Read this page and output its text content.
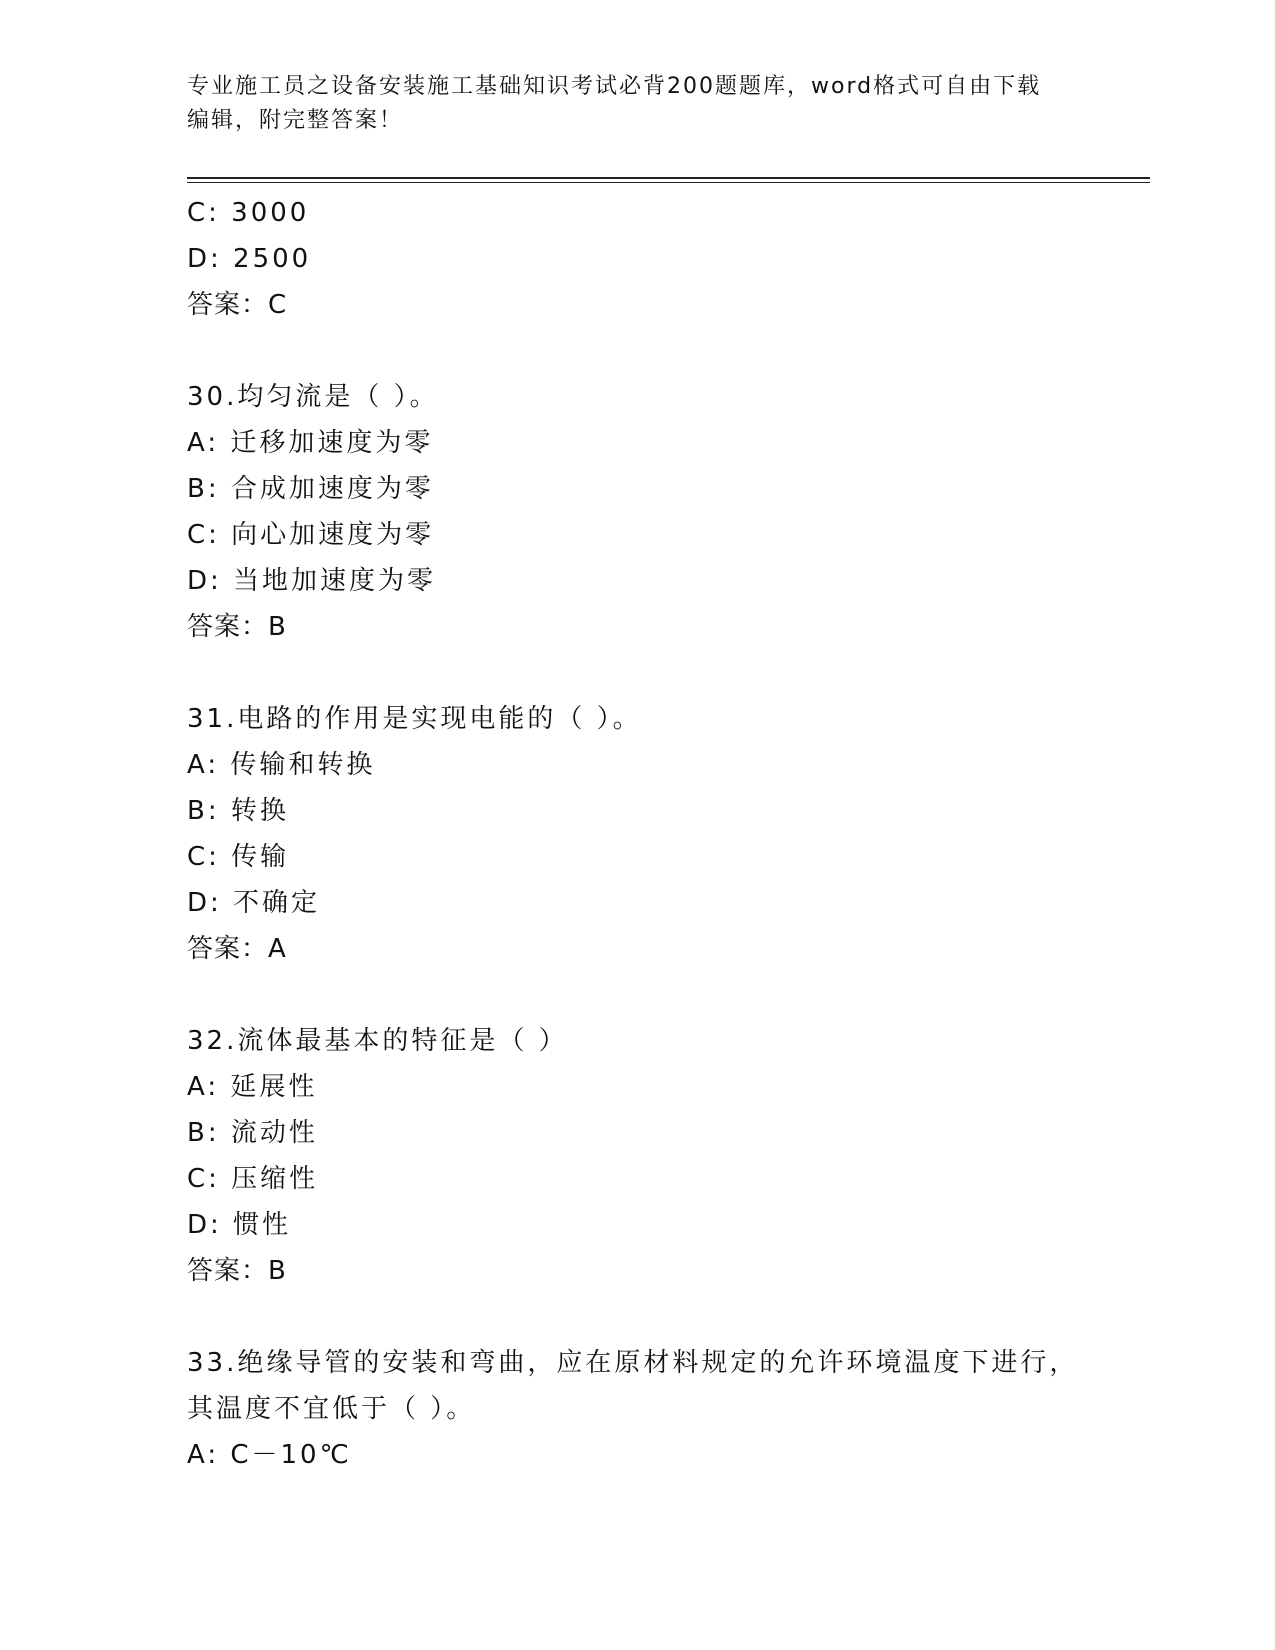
专业施工员之设备安装施工基础知识考试必背200题题库，word格式可自由下载
编辑，附完整答案！
C: 3000
D: 2500
答案：C
30.均匀流是（ ）。
A: 迁移加速度为零
B: 合成加速度为零
C: 向心加速度为零
D: 当地加速度为零
答案：B
31.电路的作用是实现电能的（ ）。
A: 传输和转换
B: 转换
C: 传输
D: 不确定
答案：A
32.流体最基本的特征是（ ）
A: 延展性
B: 流动性
C: 压缩性
D: 惯性
答案：B
33.绝缘导管的安装和弯曲，应在原材料规定的允许环境温度下进行，
其温度不宜低于（ ）。
A: C－10℃
